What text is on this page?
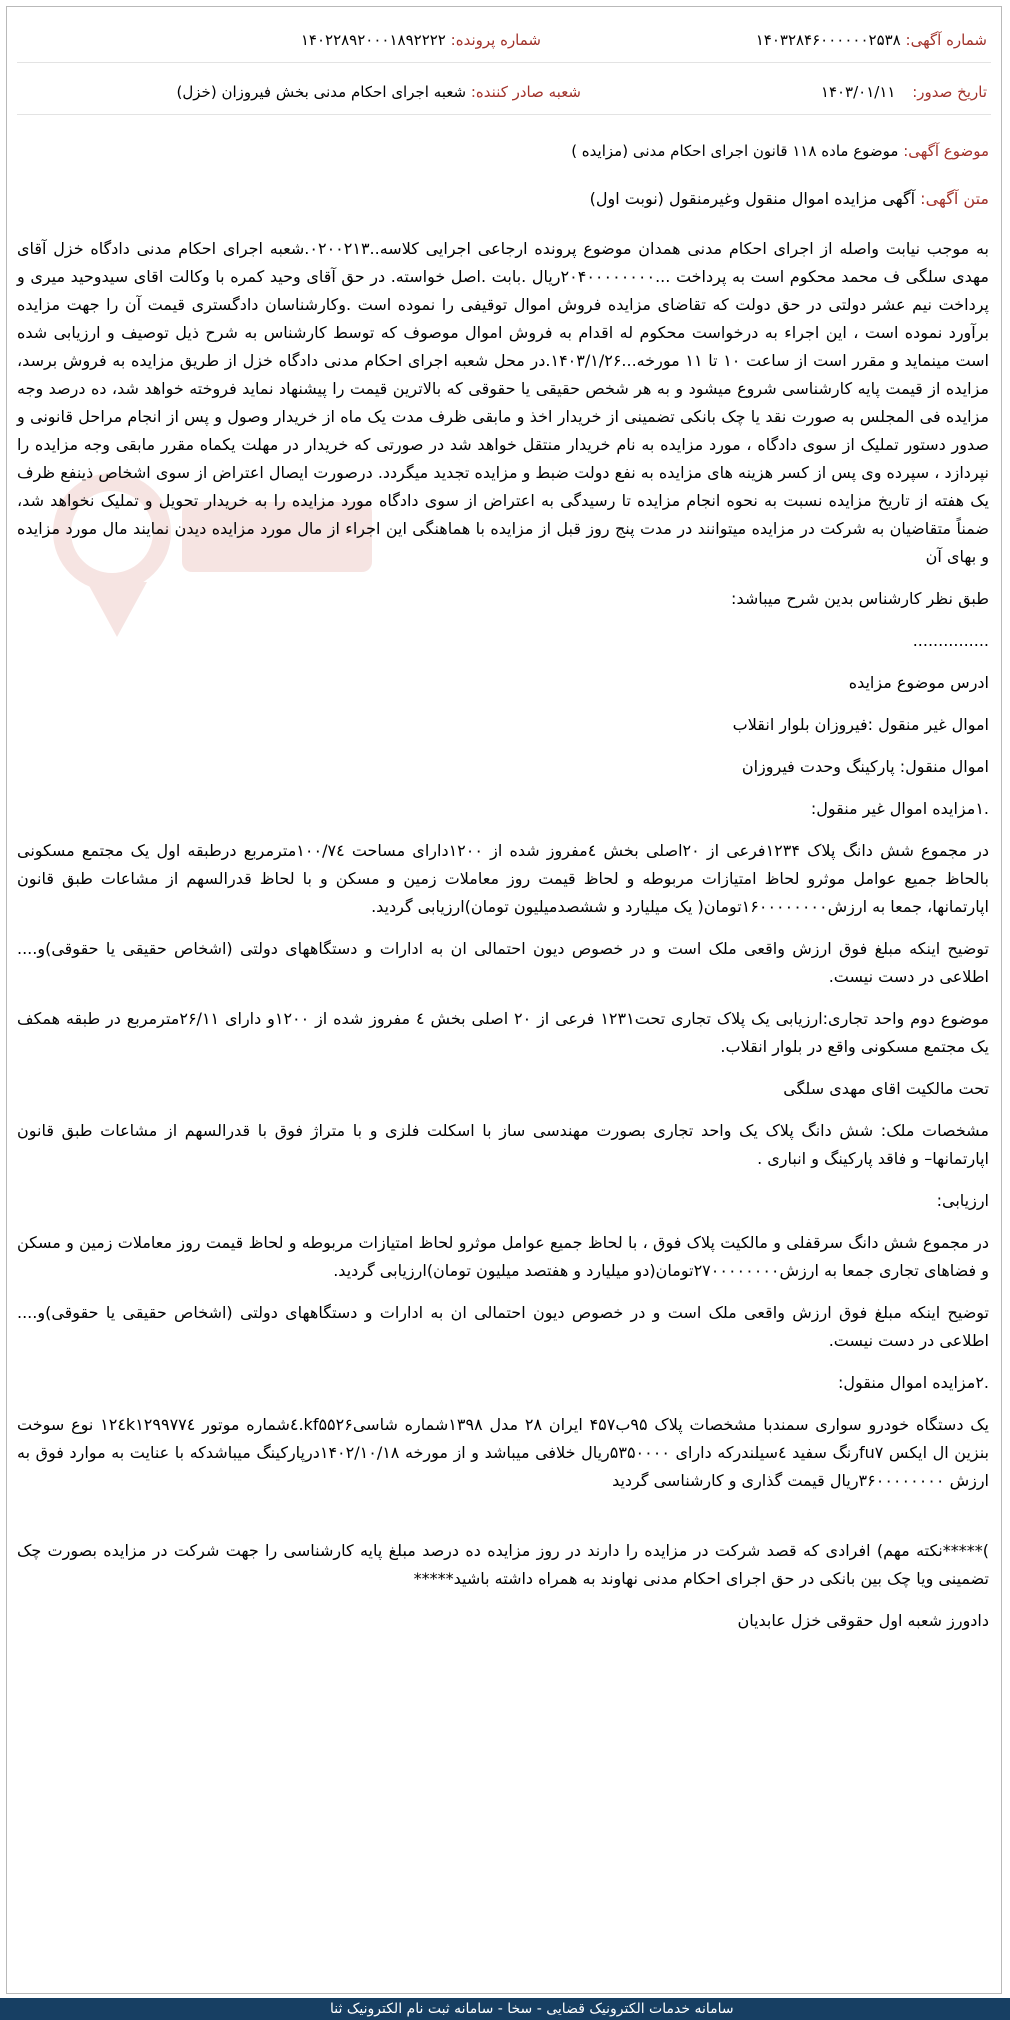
شماره آگهی: ۱۴۰۳۲۸۴۶۰۰۰۰۰۰۲۵۳۸
شماره پرونده: ۱۴۰۲۲۸۹۲۰۰۰۱۸۹۲۲۲۲
تاریخ صدور: ۱۴۰۳/۰۱/۱۱
شعبه صادر کننده: شعبه اجرای احکام مدنی بخش فیروزان (خزل)
موضوع آگهی: موضوع ماده ۱۱۸ قانون اجرای احکام مدنی (مزایده )
متن آگهی: آگهی مزایده اموال منقول وغیرمنقول (نوبت اول)

به موجب نیابت واصله از اجرای احکام مدنی همدان موضوع پرونده ارجاعی اجرایی کلاسه..۰۲۰۰۲۱۳.شعبه اجرای احکام مدنی دادگاه خزل آقای مهدی سلگی ف محمد محکوم است به پرداخت ...۲۰۴۰۰۰۰۰۰۰۰ریال .بابت .اصل خواسته. در حق آقای وحید کمره با وکالت اقای سیدوحید میری و پرداخت نیم عشر دولتی در حق دولت که تقاضای مزایده فروش اموال توقیفی را نموده است .وکارشناسان دادگستری قیمت آن را جهت مزایده برآورد نموده است ، این اجراء به درخواست محکوم له اقدام به فروش اموال موصوف که توسط کارشناس به شرح ذیل توصیف و ارزیابی شده است مینماید و مقرر است از ساعت ۱۰ تا ۱۱ مورخه...۱۴۰۳/۱/۲۶.در محل شعبه اجرای احکام مدنی دادگاه خزل از طریق مزایده به فروش برسد، مزایده از قیمت پایه کارشناسی شروع میشود و به هر شخص حقیقی یا حقوقی که بالاترین قیمت را پیشنهاد نماید فروخته خواهد شد، ده درصد وجه مزایده فی المجلس به صورت نقد یا چک بانکی تضمینی از خریدار اخذ و مابقی ظرف مدت یک ماه از خریدار وصول و پس از انجام مراحل قانونی و صدور دستور تملیک از سوی دادگاه ، مورد مزایده به نام خریدار منتقل خواهد شد در صورتی که خریدار در مهلت یکماه مقرر مابقی وجه مزایده را نپردازد ، سپرده وی پس از کسر هزینه های مزایده به نفع دولت ضبط و مزایده تجدید میگردد. درصورت ایصال اعتراض از سوی اشخاص ذینفع ظرف یک هفته از تاریخ مزایده نسبت به نحوه انجام مزایده تا رسیدگی به اعتراض از سوی دادگاه مورد مزایده را به خریدار تحویل و تملیک نخواهد شد، ضمناً متقاضیان به شرکت در مزایده میتوانند در مدت پنج روز قبل از مزایده با هماهنگی این اجراء از مال مورد مزایده دیدن نمایند مال مورد مزایده و بهای آن

طبق نظر کارشناس بدین شرح میباشد:

...............

ادرس موضوع مزایده

اموال غیر منقول :فیروزان بلوار انقلاب

اموال منقول: پارکینگ وحدت فیروزان

.۱مزایده اموال غیر منقول:

در مجموع شش دانگ پلاک ۱۲۳۴فرعی از ۲۰اصلی بخش ٤مفروز شده از ۱۲۰۰دارای مساحت ۱۰۰/۷٤مترمربع درطبقه اول یک مجتمع مسکونی بالحاظ جمیع عوامل موثرو لحاظ امتیازات مربوطه و لحاظ قیمت روز معاملات زمین و مسکن و با لحاظ قدرالسهم از مشاعات طبق قانون اپارتمانها، جمعا به ارزش۱۶۰۰۰۰۰۰۰۰تومان( یک میلیارد و ششصدمیلیون تومان)ارزیابی گردید.

توضیح اینکه مبلغ فوق ارزش واقعی ملک است و در خصوص دیون احتمالی ان به ادارات و دستگاههای دولتی (اشخاص حقیقی یا حقوقی)و.... اطلاعی در دست نیست.

موضوع دوم واحد تجاری:ارزیابی یک پلاک تجاری تحت۱۲۳۱ فرعی از ۲۰ اصلی بخش ٤ مفروز شده از ۱۲۰۰و دارای ۲۶/۱۱مترمربع در طبقه همکف یک مجتمع مسکونی واقع در بلوار انقلاب.

تحت مالکیت اقای مهدی سلگی

مشخصات ملک: شش دانگ پلاک یک واحد تجاری بصورت مهندسی ساز با اسکلت فلزی و با متراژ فوق با قدرالسهم از مشاعات طبق قانون اپارتمانها– و فاقد پارکینگ و انباری .

ارزیابی:

در مجموع شش دانگ سرقفلی و مالکیت پلاک فوق ، با لحاظ جمیع عوامل موثرو لحاظ امتیازات مربوطه و لحاظ قیمت روز معاملات زمین و مسکن و فضاهای تجاری جمعا به ارزش۲۷۰۰۰۰۰۰۰۰تومان(دو میلیارد و هفتصد میلیون تومان)ارزیابی گردید.

توضیح اینکه مبلغ فوق ارزش واقعی ملک است و در خصوص دیون احتمالی ان به ادارات و دستگاههای دولتی (اشخاص حقیقی یا حقوقی)و.... اطلاعی در دست نیست.

.۲مزایده اموال منقول:

یک دستگاه خودرو سواری سمندبا مشخصات پلاک ۹۵ب۴۵۷ ایران ۲۸ مدل ۱۳۹۸شماره شاسیkf۵۵۲۶.٤شماره موتور ۱۲٤k۱۲۹۹۷۷٤ نوع سوخت بنزین ال ایکس fu۷رنگ سفید ٤سیلندرکه دارای ۵۳۵۰۰۰۰ریال خلافی میباشد و از مورخه ۱۴۰۲/۱۰/۱۸درپارکینگ میباشدکه با عنایت به موارد فوق به ارزش ۳۶۰۰۰۰۰۰۰۰ریال قیمت گذاری و کارشناسی گردید

)*****نکته مهم) افرادی که قصد شرکت در مزایده را دارند در روز مزایده ده درصد مبلغ پایه کارشناسی را جهت شرکت در مزایده بصورت چک تضمینی ویا چک بین بانکی در حق اجرای احکام مدنی نهاوند به همراه داشته باشید*****

دادورز شعبه اول حقوقی خزل عابدیان

سامانه خدمات الکترونیک قضایی - سخا - سامانه ثبت نام الکترونیک ثنا
